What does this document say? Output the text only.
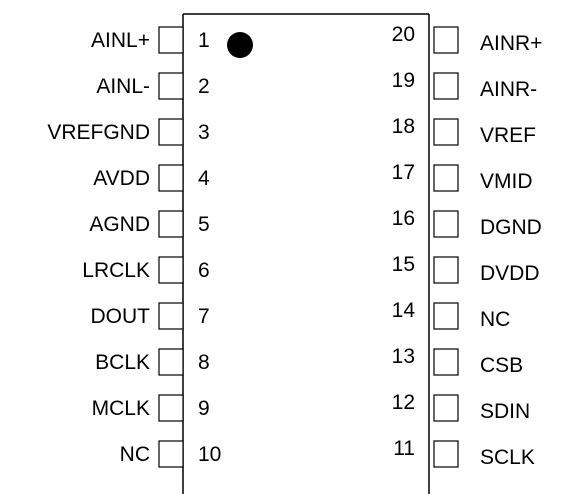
AINL+ 1
AINL- 2
VREFGND 3
AVDD 4
AGND 5
LRCLK 6
DOUT 7
BCLK 8
MCLK 9
NC 10
20	AINR+
19	AINR-
18	VREF
17	VMID
16	DGND
15	DVDD
14	NC
13	CSB
12	SDIN
11	SCLK
